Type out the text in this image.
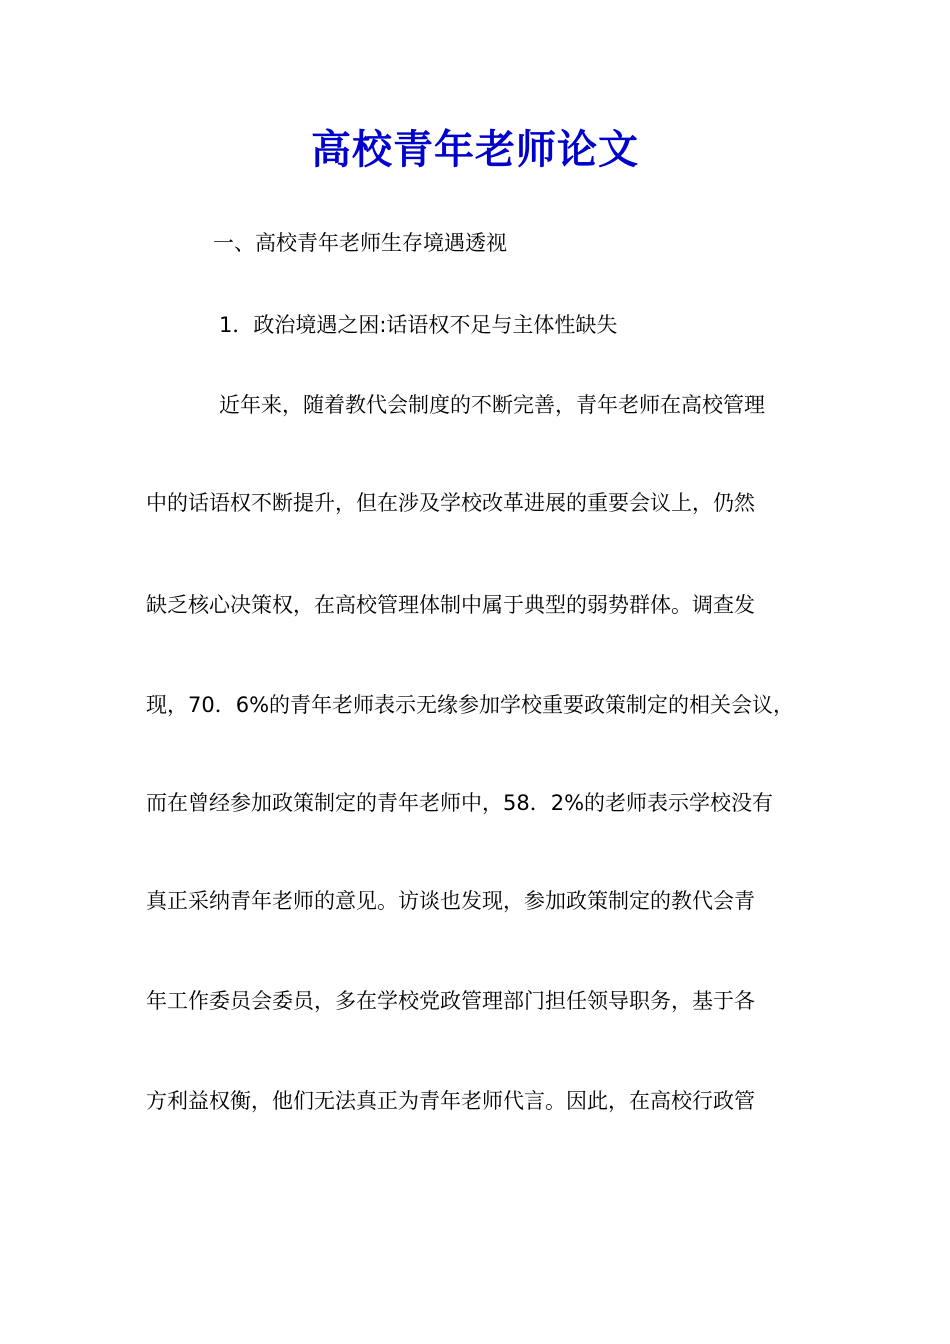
高校青年老师论文
一、高校青年老师生存境遇透视
1．政治境遇之困:话语权不足与主体性缺失
近年来，随着教代会制度的不断完善，青年老师在高校管理
中的话语权不断提升，但在涉及学校改革进展的重要会议上，仍然
缺乏核心决策权，在高校管理体制中属于典型的弱势群体。调查发
现，70．6%的青年老师表示无缘参加学校重要政策制定的相关会议，
而在曾经参加政策制定的青年老师中，58．2%的老师表示学校没有
真正采纳青年老师的意见。访谈也发现，参加政策制定的教代会青
年工作委员会委员，多在学校党政管理部门担任领导职务，基于各
方利益权衡，他们无法真正为青年老师代言。因此，在高校行政管
